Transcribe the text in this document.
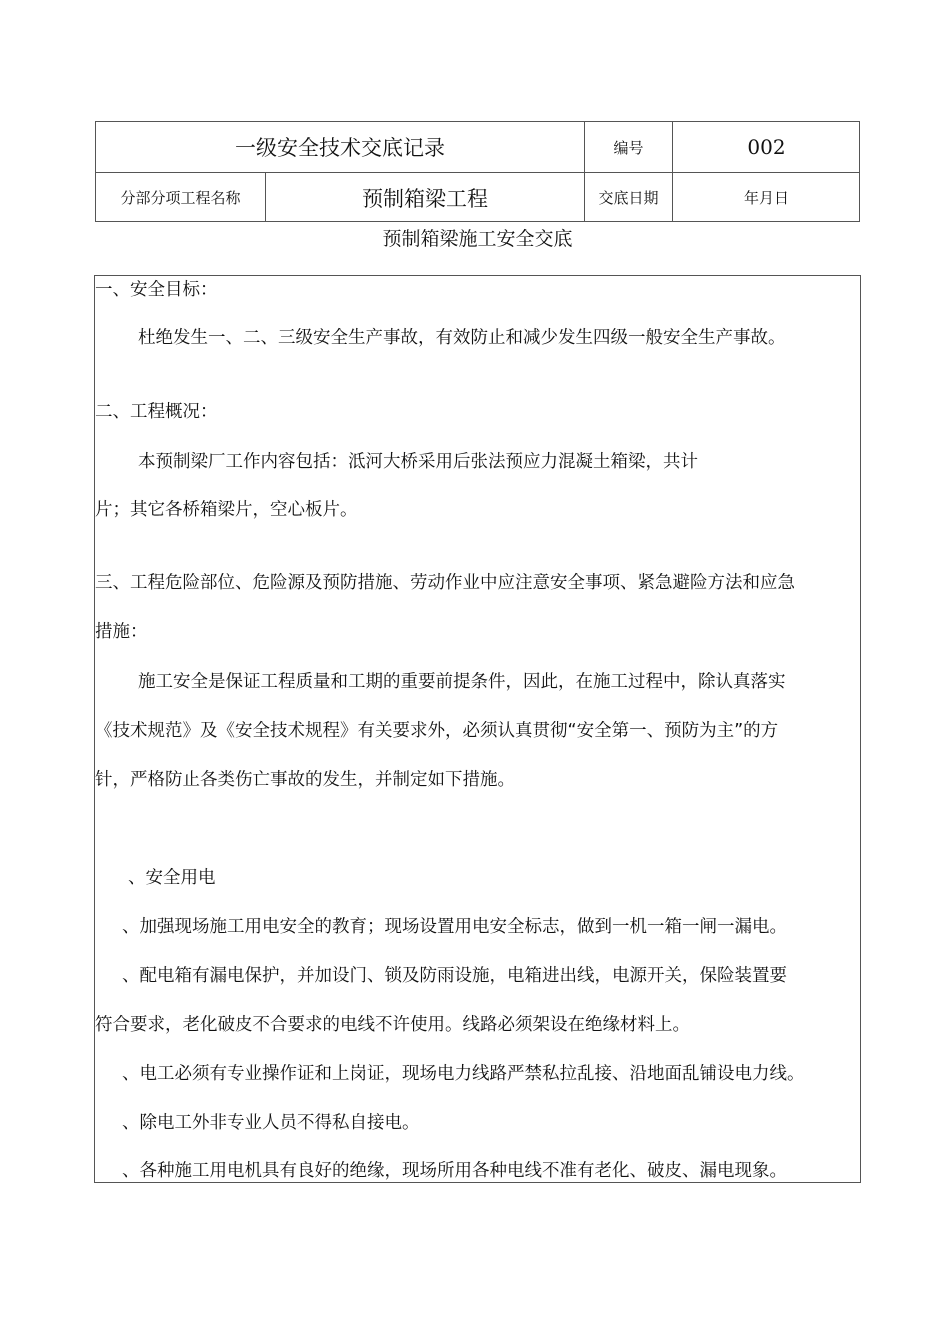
一级安全技术交底记录	编号	002
分部分项工程名称	预制箱梁工程	交底日期	年月日
预制箱梁施工安全交底
一、安全目标：
杜绝发生一、二、三级安全生产事故，有效防止和减少发生四级一般安全生产事故。
二、工程概况：
本预制梁厂工作内容包括：泜河大桥采用后张法预应力混凝土箱梁，共计
片；其它各桥箱梁片，空心板片。
三、工程危险部位、危险源及预防措施、劳动作业中应注意安全事项、紧急避险方法和应急
措施：
施工安全是保证工程质量和工期的重要前提条件，因此，在施工过程中，除认真落实
《技术规范》及《安全技术规程》有关要求外，必须认真贯彻“安全第一、预防为主”的方
针，严格防止各类伤亡事故的发生，并制定如下措施。
、安全用电
、加强现场施工用电安全的教育；现场设置用电安全标志，做到一机一箱一闸一漏电。
、配电箱有漏电保护，并加设门、锁及防雨设施，电箱进出线，电源开关，保险装置要
符合要求，老化破皮不合要求的电线不许使用。线路必须架设在绝缘材料上。
、电工必须有专业操作证和上岗证，现场电力线路严禁私拉乱接、沿地面乱铺设电力线。
、除电工外非专业人员不得私自接电。
、各种施工用电机具有良好的绝缘，现场所用各种电线不准有老化、破皮、漏电现象。
